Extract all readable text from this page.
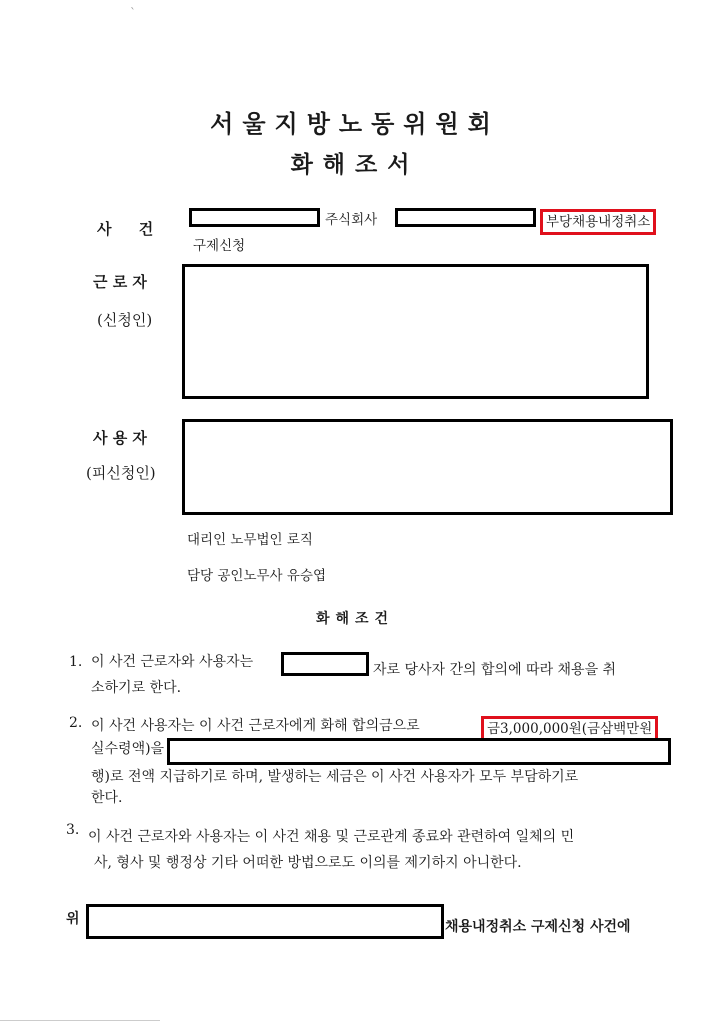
`
서울지방노동위원회
화해조서
사 건	주식회사	부당채용내정취소
구제신청
근 로 자
(신청인)
사 용 자
(피신청인)
대리인 노무법인 로직
담당 공인노무사 유승엽
화해조건
1. 이 사건 근로자와 사용자는	자로 당사자 간의 합의에 따라 채용을 취
소하기로 한다.
2. 이 사건 사용자는 이 사건 근로자에게 화해 합의금으로	금3,000,000원(금삼백만원
실수령액)을
행)로 전액 지급하기로 하며, 발생하는 세금은 이 사건 사용자가 모두 부담하기로
한다.
3. 이 사건 근로자와 사용자는 이 사건 채용 및 근로관계 종료와 관련하여 일체의 민
사, 형사 및 행정상 기타 어떠한 방법으로도 이의를 제기하지 아니한다.
위	채용내정취소 구제신청 사건에
